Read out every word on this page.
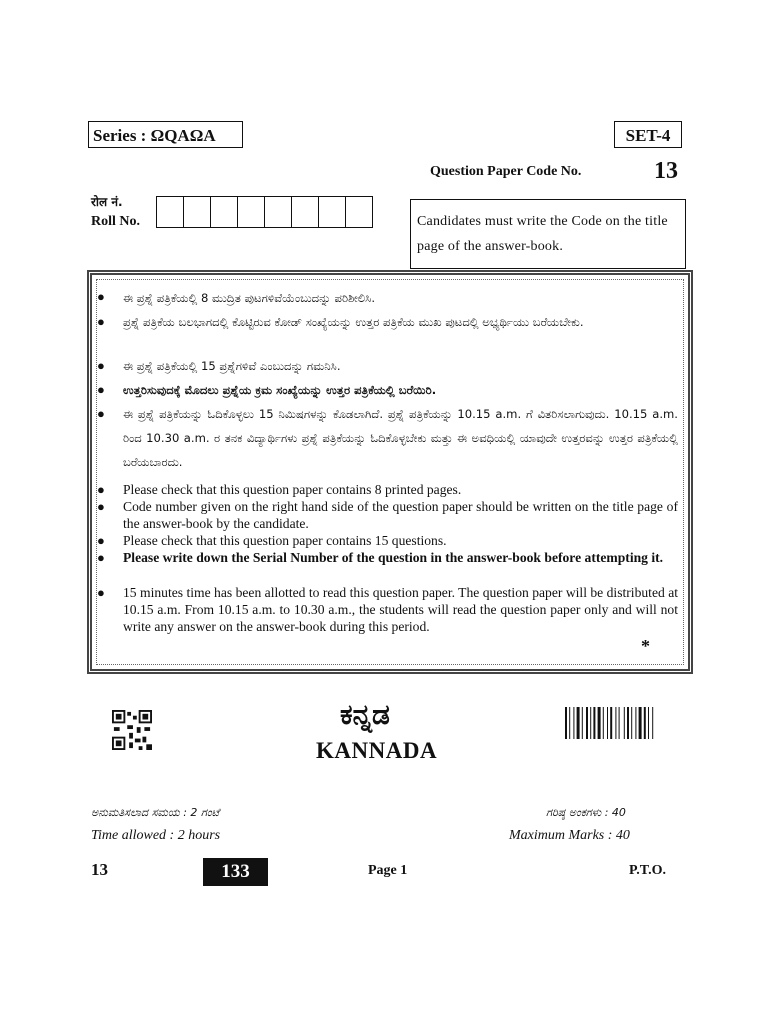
Series : ΩQAΩA	SET-4
Question Paper Code No.	13
रोल नं.
Roll No.	Candidates must write the Code on the title page of the answer-book.
● ಈ ಪ್ರಶ್ನೆ ಪತ್ರಿಕೆಯಲ್ಲಿ 8 ಮುದ್ರಿತ ಪುಟಗಳಿವೆಯೆಂಬುದನ್ನು ಪರಿಶೀಲಿಸಿ.
● ಪ್ರಶ್ನೆ ಪತ್ರಿಕೆಯ ಬಲಭಾಗದಲ್ಲಿ ಕೊಟ್ಟಿರುವ ಕೋಡ್ ಸಂಖ್ಯೆಯನ್ನು ಉತ್ತರ ಪತ್ರಿಕೆಯ ಮುಖ ಪುಟದಲ್ಲಿ ಅಭ್ಯರ್ಥಿಯು ಬರೆಯಬೇಕು.
● ಈ ಪ್ರಶ್ನೆ ಪತ್ರಿಕೆಯಲ್ಲಿ 15 ಪ್ರಶ್ನೆಗಳಿವೆ ಎಂಬುದನ್ನು ಗಮನಿಸಿ.
● ಉತ್ತರಿಸುವುದಕ್ಕೆ ಮೊದಲು ಪ್ರಶ್ನೆಯ ಕ್ರಮ ಸಂಖ್ಯೆಯನ್ನು ಉತ್ತರ ಪತ್ರಿಕೆಯಲ್ಲಿ ಬರೆಯಿರಿ.
● ಈ ಪ್ರಶ್ನೆ ಪತ್ರಿಕೆಯನ್ನು ಓದಿಕೊಳ್ಳಲು 15 ನಿಮಿಷಗಳನ್ನು ಕೊಡಲಾಗಿದೆ. ಪ್ರಶ್ನೆ ಪತ್ರಿಕೆಯನ್ನು 10.15 a.m. ಗೆ ವಿತರಿಸಲಾಗುವುದು. 10.15 a.m. ರಿಂದ 10.30 a.m. ರ ತನಕ ವಿದ್ಯಾರ್ಥಿಗಳು ಪ್ರಶ್ನೆ ಪತ್ರಿಕೆಯನ್ನು ಓದಿಕೊಳ್ಳಬೇಕು ಮತ್ತು ಈ ಅವಧಿಯಲ್ಲಿ ಯಾವುದೇ ಉತ್ತರವನ್ನು ಉತ್ತರ ಪತ್ರಿಕೆಯಲ್ಲಿ ಬರೆಯಬಾರದು.
● Please check that this question paper contains 8 printed pages.
● Code number given on the right hand side of the question paper should be written on the title page of the answer-book by the candidate.
● Please check that this question paper contains 15 questions.
● Please write down the Serial Number of the question in the answer-book before attempting it.
● 15 minutes time has been allotted to read this question paper. The question paper will be distributed at 10.15 a.m. From 10.15 a.m. to 10.30 a.m., the students will read the question paper only and will not write any answer on the answer-book during this period.
*
ಕನ್ನಡ
KANNADA
ಅನುಮತಿಸಲಾದ ಸಮಯ : 2 ಗಂಟೆ
Time allowed : 2 hours
ಗರಿಷ್ಠ ಅಂಕಗಳು : 40
Maximum Marks : 40
13	133	Page 1	P.T.O.
